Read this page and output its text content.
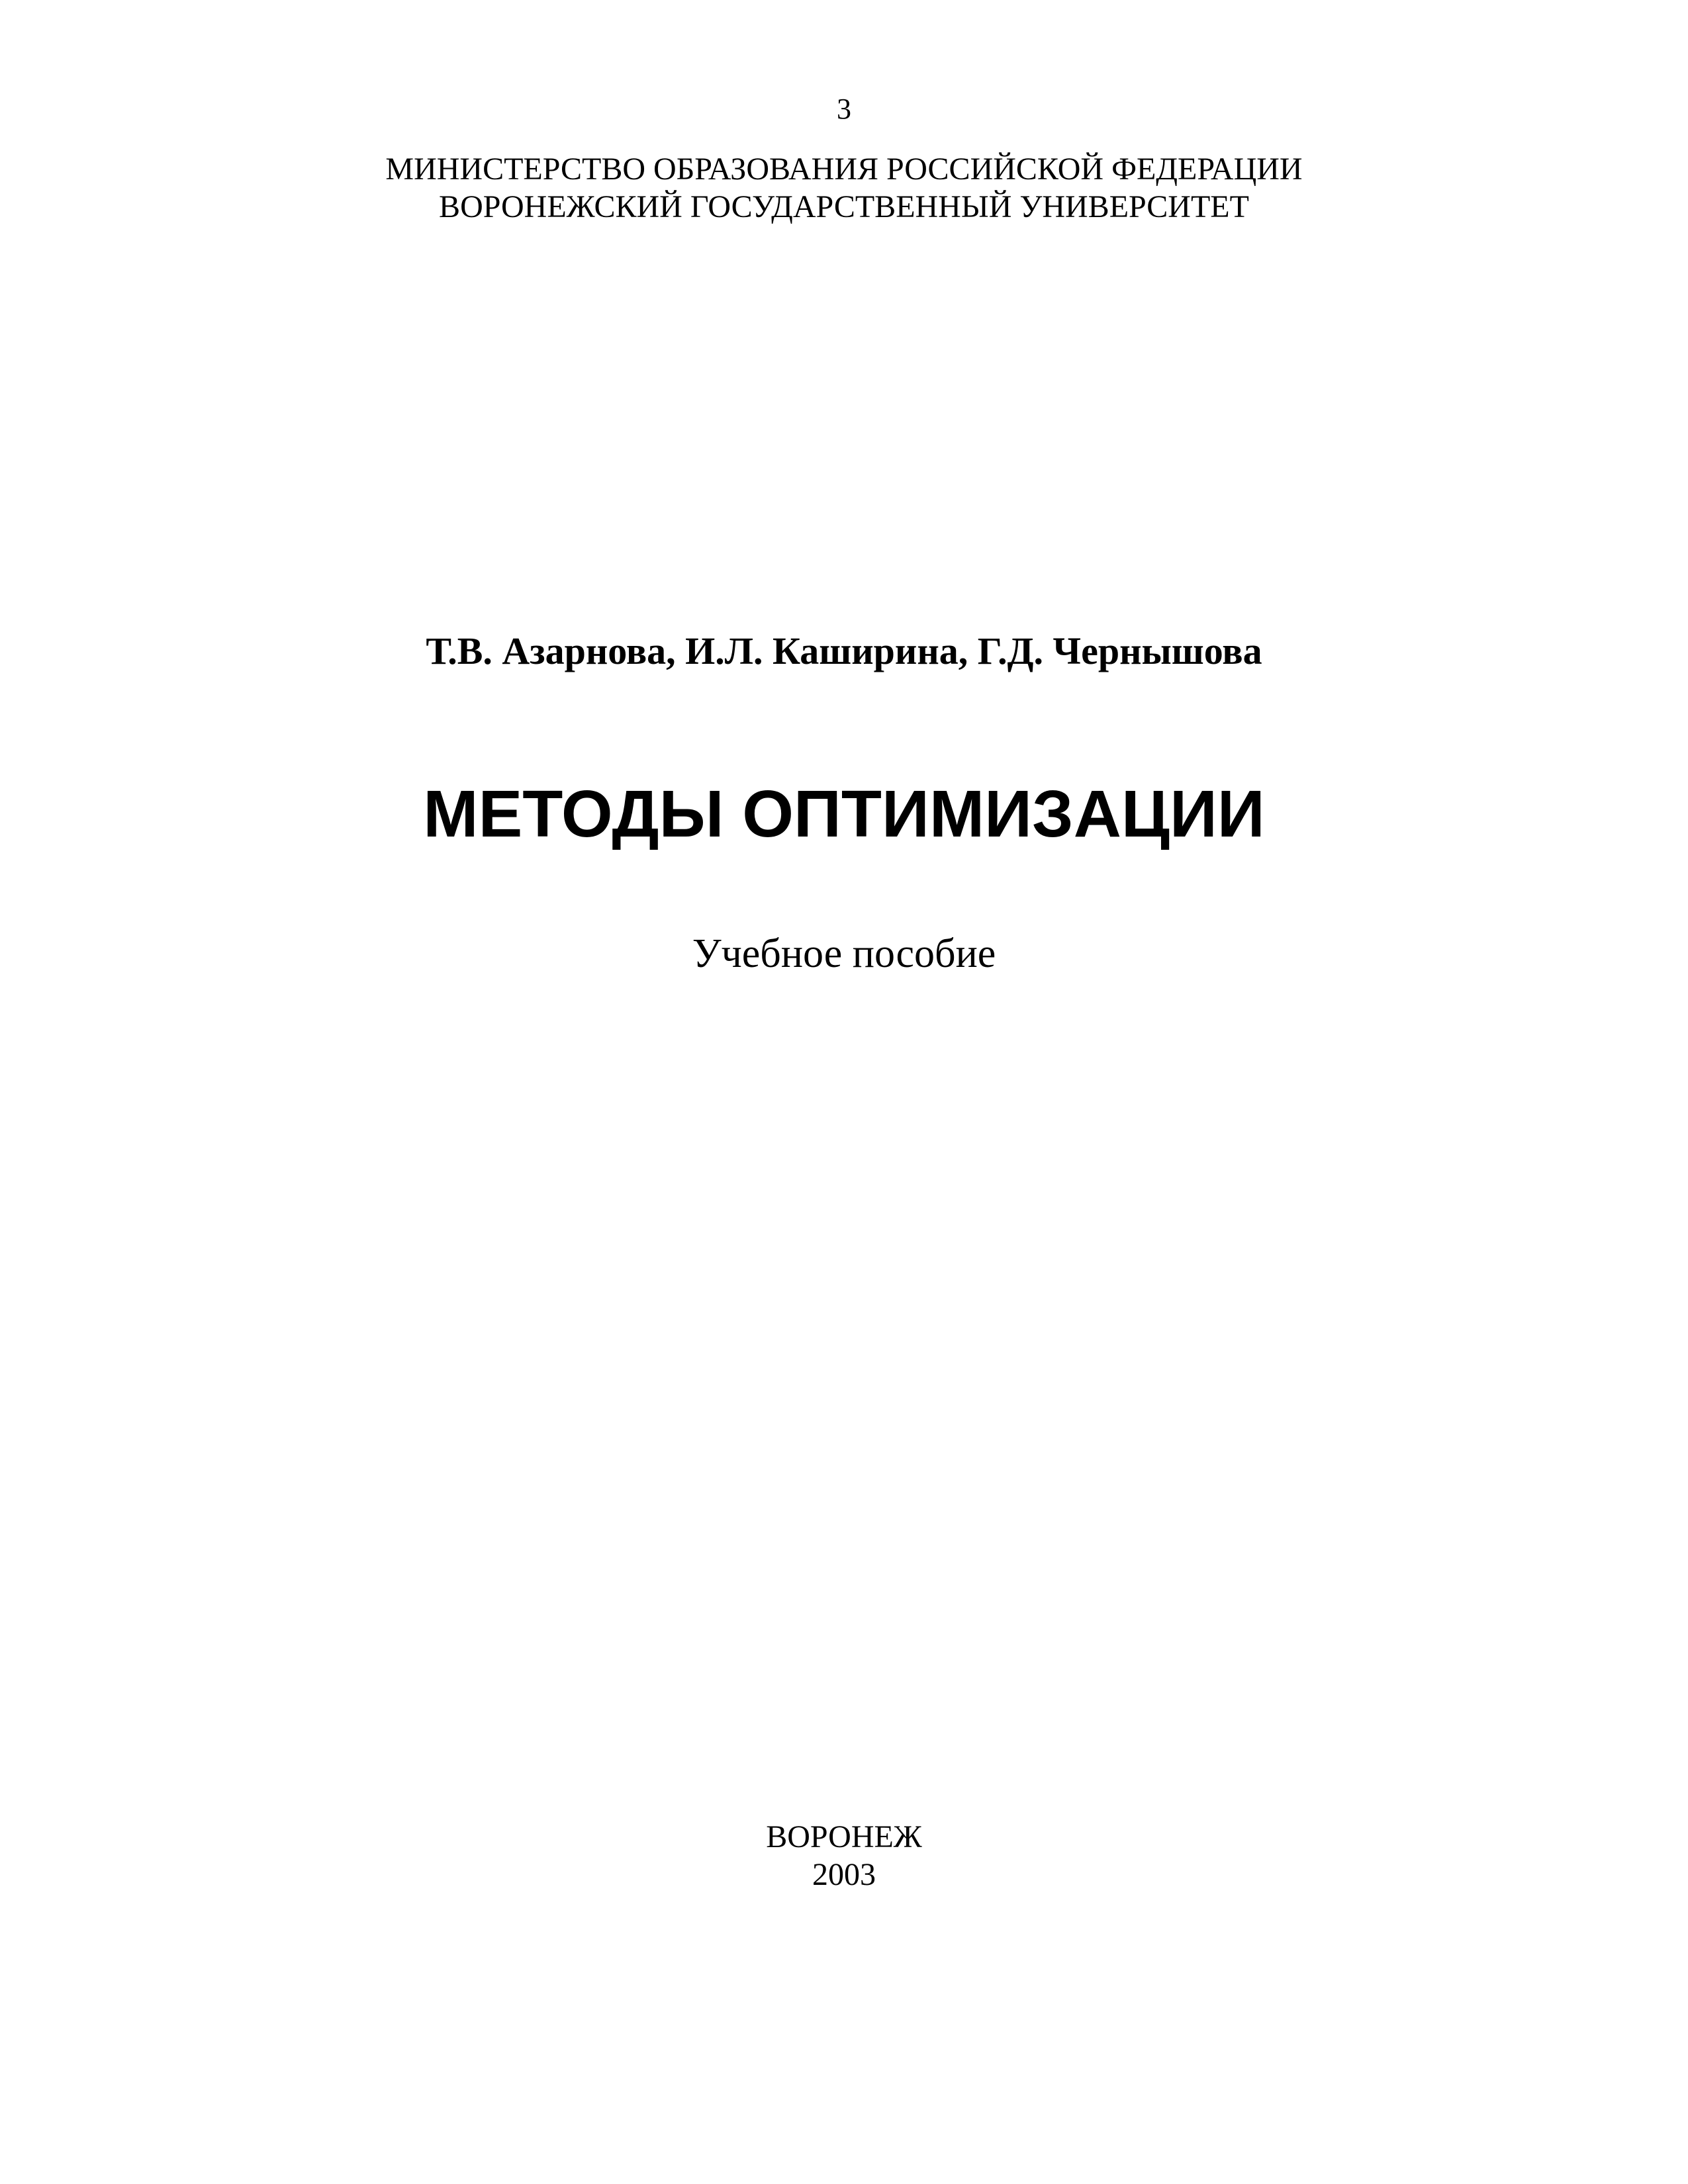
3
МИНИСТЕРСТВО ОБРАЗОВАНИЯ РОССИЙСКОЙ ФЕДЕРАЦИИ
ВОРОНЕЖСКИЙ ГОСУДАРСТВЕННЫЙ УНИВЕРСИТЕТ
Т.В. Азарнова, И.Л. Каширина, Г.Д. Чернышова
МЕТОДЫ ОПТИМИЗАЦИИ
Учебное пособие
ВОРОНЕЖ
2003
